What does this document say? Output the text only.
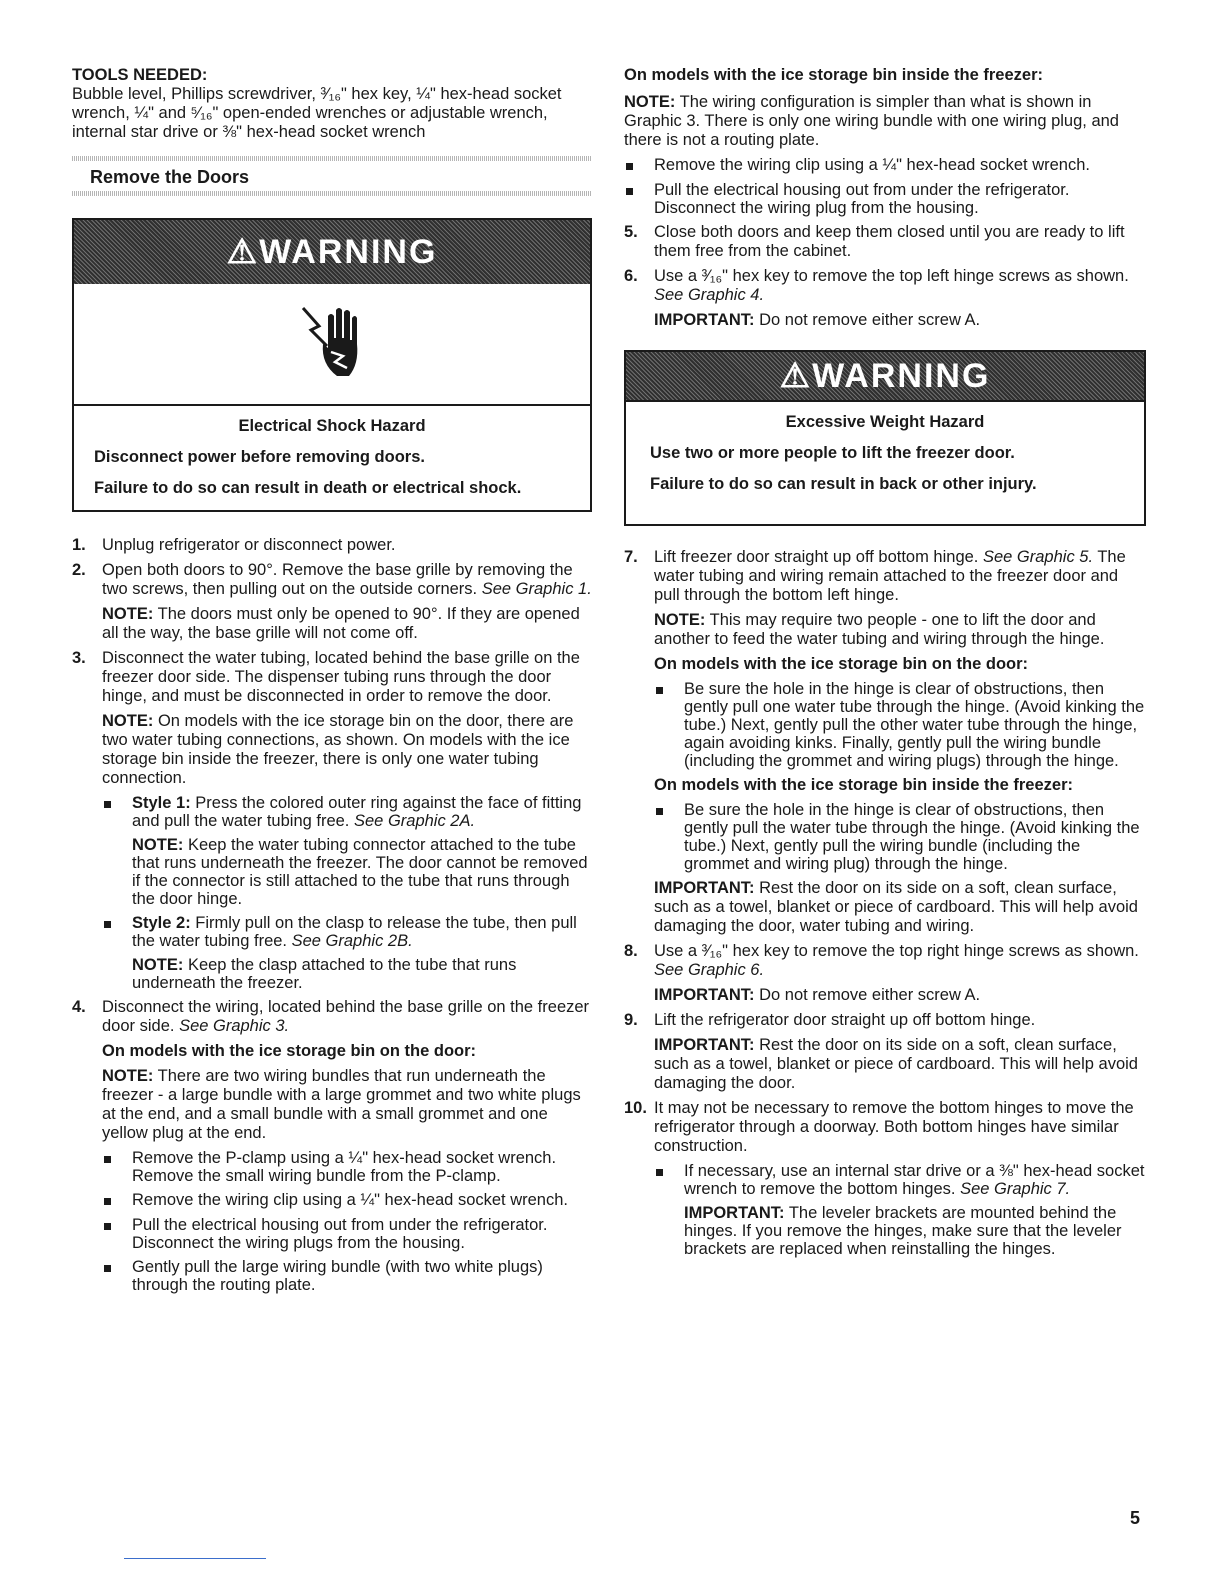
TOOLS NEEDED:

Bubble level, Phillips screwdriver, ³⁄₁₆" hex key, ¼" hex-head socket wrench, ¼" and ⁵⁄₁₆" open-ended wrenches or adjustable wrench, internal star drive or ⅜" hex-head socket wrench

Remove the Doors

⚠WARNING

Electrical Shock Hazard

Disconnect power before removing doors.

Failure to do so can result in death or electrical shock.

1. Unplug refrigerator or disconnect power.

2. Open both doors to 90°. Remove the base grille by removing the two screws, then pulling out on the outside corners. See Graphic 1.

NOTE: The doors must only be opened to 90°. If they are opened all the way, the base grille will not come off.

3. Disconnect the water tubing, located behind the base grille on the freezer door side. The dispenser tubing runs through the door hinge, and must be disconnected in order to remove the door.

NOTE: On models with the ice storage bin on the door, there are two water tubing connections, as shown. On models with the ice storage bin inside the freezer, there is only one water tubing connection.

Style 1: Press the colored outer ring against the face of fitting and pull the water tubing free. See Graphic 2A.

NOTE: Keep the water tubing connector attached to the tube that runs underneath the freezer. The door cannot be removed if the connector is still attached to the tube that runs through the door hinge.

Style 2: Firmly pull on the clasp to release the tube, then pull the water tubing free. See Graphic 2B.

NOTE: Keep the clasp attached to the tube that runs underneath the freezer.

4. Disconnect the wiring, located behind the base grille on the freezer door side. See Graphic 3.

On models with the ice storage bin on the door:

NOTE: There are two wiring bundles that run underneath the freezer - a large bundle with a large grommet and two white plugs at the end, and a small bundle with a small grommet and one yellow plug at the end.

Remove the P-clamp using a ¼" hex-head socket wrench. Remove the small wiring bundle from the P-clamp.
Remove the wiring clip using a ¼" hex-head socket wrench.
Pull the electrical housing out from under the refrigerator. Disconnect the wiring plugs from the housing.
Gently pull the large wiring bundle (with two white plugs) through the routing plate.

On models with the ice storage bin inside the freezer:

NOTE: The wiring configuration is simpler than what is shown in Graphic 3. There is only one wiring bundle with one wiring plug, and there is not a routing plate.

Remove the wiring clip using a ¼" hex-head socket wrench.
Pull the electrical housing out from under the refrigerator. Disconnect the wiring plug from the housing.
5. Close both doors and keep them closed until you are ready to lift them free from the cabinet.

6. Use a ³⁄₁₆" hex key to remove the top left hinge screws as shown. See Graphic 4.

IMPORTANT: Do not remove either screw A.

⚠WARNING

Excessive Weight Hazard

Use two or more people to lift the freezer door.

Failure to do so can result in back or other injury.

7. Lift freezer door straight up off bottom hinge. See Graphic 5. The water tubing and wiring remain attached to the freezer door and pull through the bottom left hinge.

NOTE: This may require two people - one to lift the door and another to feed the water tubing and wiring through the hinge.

On models with the ice storage bin on the door:

Be sure the hole in the hinge is clear of obstructions, then gently pull one water tube through the hinge. (Avoid kinking the tube.) Next, gently pull the other water tube through the hinge, again avoiding kinks. Finally, gently pull the wiring bundle (including the grommet and wiring plugs) through the hinge.

On models with the ice storage bin inside the freezer:

Be sure the hole in the hinge is clear of obstructions, then gently pull the water tube through the hinge. (Avoid kinking the tube.) Next, gently pull the wiring bundle (including the grommet and wiring plug) through the hinge.

IMPORTANT: Rest the door on its side on a soft, clean surface, such as a towel, blanket or piece of cardboard. This will help avoid damaging the door, water tubing and wiring.

8. Use a ³⁄₁₆" hex key to remove the top right hinge screws as shown. See Graphic 6.

IMPORTANT: Do not remove either screw A.

9. Lift the refrigerator door straight up off bottom hinge.

IMPORTANT: Rest the door on its side on a soft, clean surface, such as a towel, blanket or piece of cardboard. This will help avoid damaging the door.

10. It may not be necessary to remove the bottom hinges to move the refrigerator through a doorway. Both bottom hinges have similar construction.

If necessary, use an internal star drive or a ⅜" hex-head socket wrench to remove the bottom hinges. See Graphic 7.

IMPORTANT: The leveler brackets are mounted behind the hinges. If you remove the hinges, make sure that the leveler brackets are replaced when reinstalling the hinges.

5
